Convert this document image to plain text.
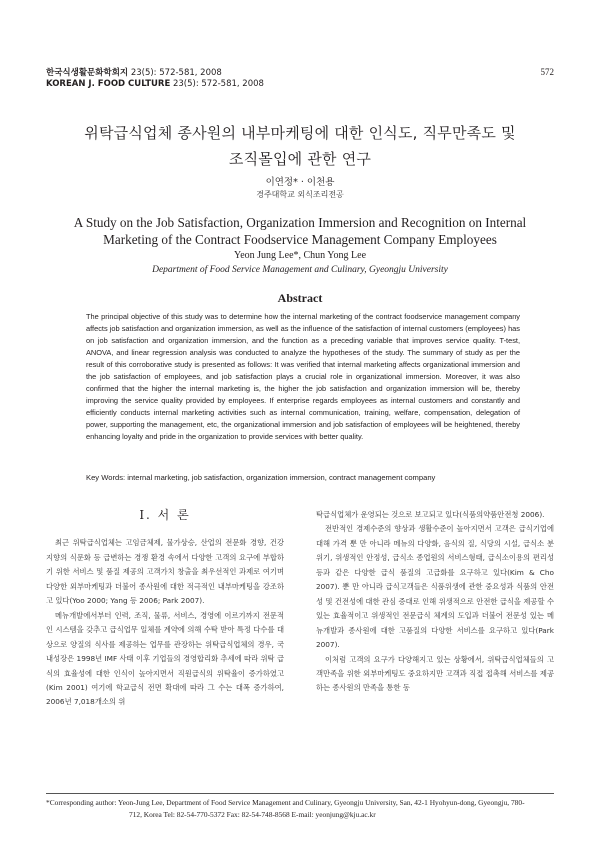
한국식생활문화학회지 23(5): 572-581, 2008
KOREAN J. FOOD CULTURE 23(5): 572-581, 2008
572
위탁급식업체 종사원의 내부마케팅에 대한 인식도, 직무만족도 및
조직몰입에 관한 연구
이연정* · 이천용
경주대학교 외식조리전공
A Study on the Job Satisfaction, Organization Immersion and Recognition on Internal
Marketing of the Contract Foodservice Management Company Employees
Yeon Jung Lee*, Chun Yong Lee
Department of Food Service Management and Culinary, Gyeongju University
Abstract

The principal objective of this study was to determine how the internal marketing of the contract foodservice management company affects job satisfaction and organization immersion, as well as the influence of the satisfaction of internal customers (employees) has on job satisfaction and organization immersion, and the function as a preceding variable that improves service quality. T-test, ANOVA, and linear regression analysis was conducted to analyze the hypotheses of the study. The summary of study as per the result of this corroborative study is presented as follows: It was verified that internal marketing affects organizational immersion and the job satisfaction of employees, and job satisfaction plays a crucial role in organizational immersion. Moreover, it was also confirmed that the higher the internal marketing is, the higher the job satisfaction and organization immersion will be, thereby improving the service quality provided by employees. If enterprise regards employees as internal customers and constantly and efficiently conducts internal marketing activities such as internal communication, training, welfare, compensation, delegation of power, supporting the management, etc, the organizational immersion and job satisfaction of employees will be heightened, thereby enhancing loyalty and pride in the organization to provide services with better quality.

Key Words: internal marketing, job satisfaction, organization immersion, contract management company
Ⅰ. 서 론

최근 위탁급식업체는 고임금체제, 물가상승, 산업의 전문화 경향, 건강 지향의 식문화 등 급변하는 경쟁 환경 속에서 다양한 고객의 요구에 부합하기 위한 서비스 및 품질 제공의 고객가치 창출을 최우선적인 과제로 여기며 다양한 외부마케팅과 더불어 종사원에 대한 적극적인 내부마케팅을 강조하고 있다(Yoo 2000; Yang 등 2006; Park 2007).

메뉴개발에서부터 인력, 조직, 물류, 서비스, 경영에 이르기까지 전문적인 시스템을 갖추고 급식업무 일체를 계약에 의해 수탁 받아 특정 다수를 대상으로 양질의 식사를 제공하는 업무를 관장하는 위탁급식업체의 경우, 국내성장은 1998년 IMF 사태 이후 기업들의 경영합리화 추세에 따라 위탁 급식의 효율성에 대한 인식이 높아지면서 직원급식의 위탁율이 증가하였고(Kim 2001) 여기에 학교급식 전면 확대에 따라 그 수는 대폭 증가하여, 2006년 7,018개소의 위

탁급식업체가 운영되는 것으로 보고되고 있다(식품의약품안전청 2006).

전반적인 경제수준의 향상과 생활수준이 높아지면서 고객은 급식기업에 대해 가격 뿐 만 아니라 메뉴의 다양화, 음식의 질, 식당의 시설, 급식소 분위기, 위생적인 안정성, 급식소 종업원의 서비스형태, 급식소이용의 편리성 등과 같은 다양한 급식 품질의 고급화를 요구하고 있다(Kim & Cho 2007). 뿐 만 아니라 급식고객들은 식품위생에 관한 중요성과 식품의 안전성 및 건전성에 대한 관심 증대로 인해 위생적으로 안전한 급식을 제공할 수 있는 효율적이고 위생적인 전문급식 체계의 도입과 더불어 전문성 있는 메뉴개발과 종사원에 대한 고품질의 다양한 서비스를 요구하고 있다(Park 2007).

이처럼 고객의 요구가 다양해지고 있는 상황에서, 위탁급식업체들의 고객만족을 위한 외부마케팅도 중요하지만 고객과 직접 접촉해 서비스를 제공하는 종사원의 만족을 통한 동

*Corresponding author: Yeon-Jung Lee, Department of Food Service Management and Culinary, Gyeongju University, San, 42-1 Hyohyun-dong, Gyeongju, 780-
712, Korea Tel: 82-54-770-5372 Fax: 82-54-748-8568 E-mail: yeonjung@kju.ac.kr
